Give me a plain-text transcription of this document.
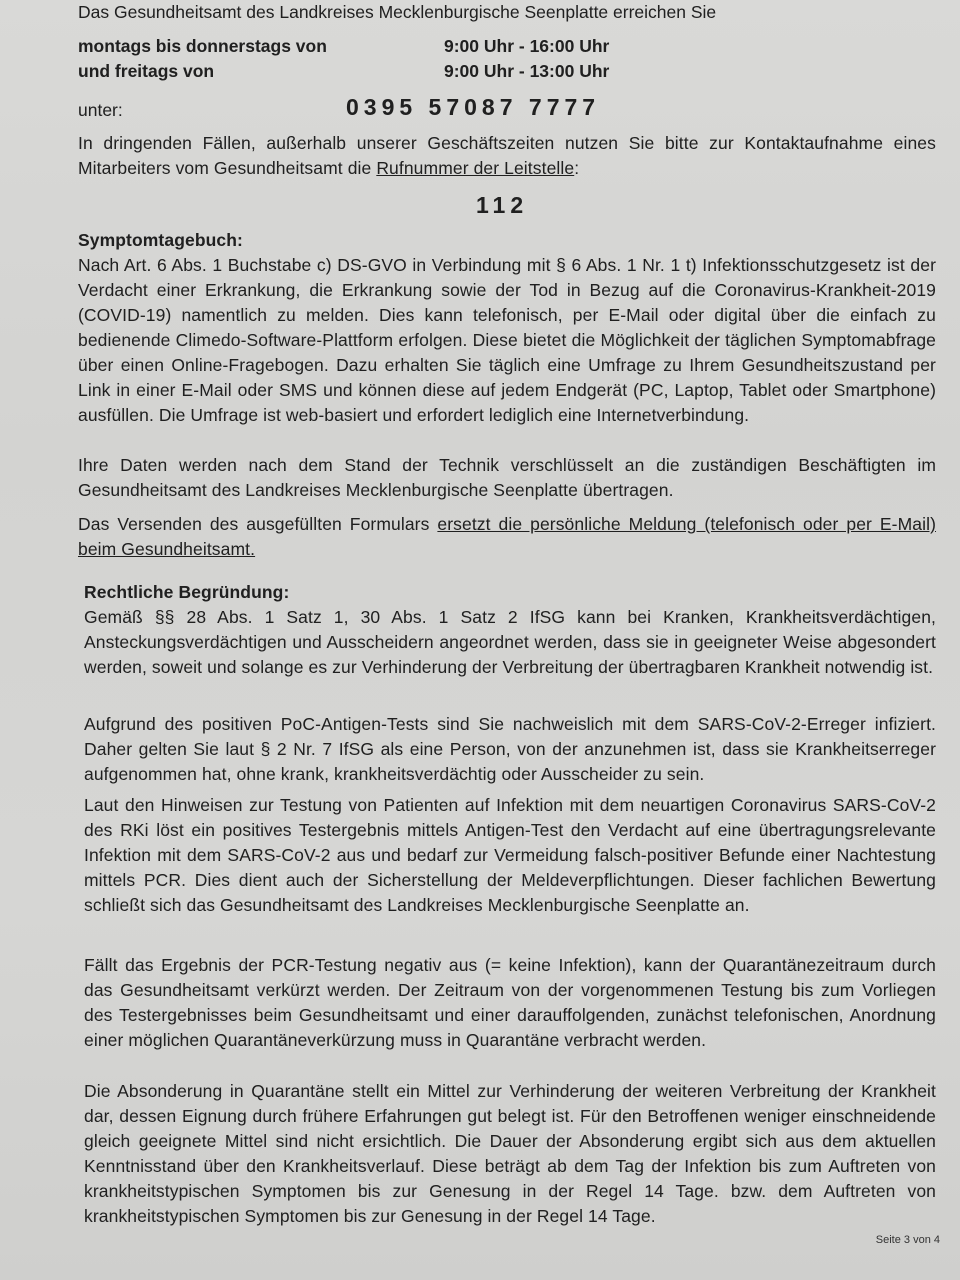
Das Gesundheitsamt des Landkreises Mecklenburgische Seenplatte erreichen Sie
montags bis donnerstags von	9:00 Uhr - 16:00 Uhr
und freitags von	9:00 Uhr - 13:00 Uhr
unter:	0395 57087 7777
In dringenden Fällen, außerhalb unserer Geschäftszeiten nutzen Sie bitte zur Kontaktaufnahme eines Mitarbeiters vom Gesundheitsamt die Rufnummer der Leitstelle:
112
Symptomtagebuch:
Nach Art. 6 Abs. 1 Buchstabe c) DS-GVO in Verbindung mit § 6 Abs. 1 Nr. 1 t) Infektionsschutzgesetz ist der Verdacht einer Erkrankung, die Erkrankung sowie der Tod in Bezug auf die Coronavirus-Krankheit-2019 (COVID-19) namentlich zu melden. Dies kann telefonisch, per E-Mail oder digital über die einfach zu bedienende Climedo-Software-Plattform erfolgen. Diese bietet die Möglichkeit der täglichen Symptomabfrage über einen Online-Fragebogen. Dazu erhalten Sie täglich eine Umfrage zu Ihrem Gesundheitszustand per Link in einer E-Mail oder SMS und können diese auf jedem Endgerät (PC, Laptop, Tablet oder Smartphone) ausfüllen. Die Umfrage ist web-basiert und erfordert lediglich eine Internetverbindung.
Ihre Daten werden nach dem Stand der Technik verschlüsselt an die zuständigen Beschäftigten im Gesundheitsamt des Landkreises Mecklenburgische Seenplatte übertragen.
Das Versenden des ausgefüllten Formulars ersetzt die persönliche Meldung (telefonisch oder per E-Mail) beim Gesundheitsamt.
Rechtliche Begründung:
Gemäß §§ 28 Abs. 1 Satz 1, 30 Abs. 1 Satz 2 IfSG kann bei Kranken, Krankheitsverdächtigen, Ansteckungsverdächtigen und Ausscheidern angeordnet werden, dass sie in geeigneter Weise abgesondert werden, soweit und solange es zur Verhinderung der Verbreitung der übertragbaren Krankheit notwendig ist.
Aufgrund des positiven PoC-Antigen-Tests sind Sie nachweislich mit dem SARS-CoV-2-Erreger infiziert. Daher gelten Sie laut § 2 Nr. 7 IfSG als eine Person, von der anzunehmen ist, dass sie Krankheitserreger aufgenommen hat, ohne krank, krankheitsverdächtig oder Ausscheider zu sein.
Laut den Hinweisen zur Testung von Patienten auf Infektion mit dem neuartigen Coronavirus SARS-CoV-2 des RKi löst ein positives Testergebnis mittels Antigen-Test den Verdacht auf eine übertragungsrelevante Infektion mit dem SARS-CoV-2 aus und bedarf zur Vermeidung falsch-positiver Befunde einer Nachtestung mittels PCR. Dies dient auch der Sicherstellung der Meldeverpflichtungen. Dieser fachlichen Bewertung schließt sich das Gesundheitsamt des Landkreises Mecklenburgische Seenplatte an.
Fällt das Ergebnis der PCR-Testung negativ aus (= keine Infektion), kann der Quarantänezeitraum durch das Gesundheitsamt verkürzt werden. Der Zeitraum von der vorgenommenen Testung bis zum Vorliegen des Testergebnisses beim Gesundheitsamt und einer darauffolgenden, zunächst telefonischen, Anordnung einer möglichen Quarantäneverkürzung muss in Quarantäne verbracht werden.
Die Absonderung in Quarantäne stellt ein Mittel zur Verhinderung der weiteren Verbreitung der Krankheit dar, dessen Eignung durch frühere Erfahrungen gut belegt ist. Für den Betroffenen weniger einschneidende gleich geeignete Mittel sind nicht ersichtlich. Die Dauer der Absonderung ergibt sich aus dem aktuellen Kenntnisstand über den Krankheitsverlauf. Diese beträgt ab dem Tag der Infektion bis zum Auftreten von krankheitstypischen Symptomen bis zur Genesung in der Regel 14 Tage. bzw. dem Auftreten von krankheitstypischen Symptomen bis zur Genesung in der Regel 14 Tage.
Seite 3 von 4
